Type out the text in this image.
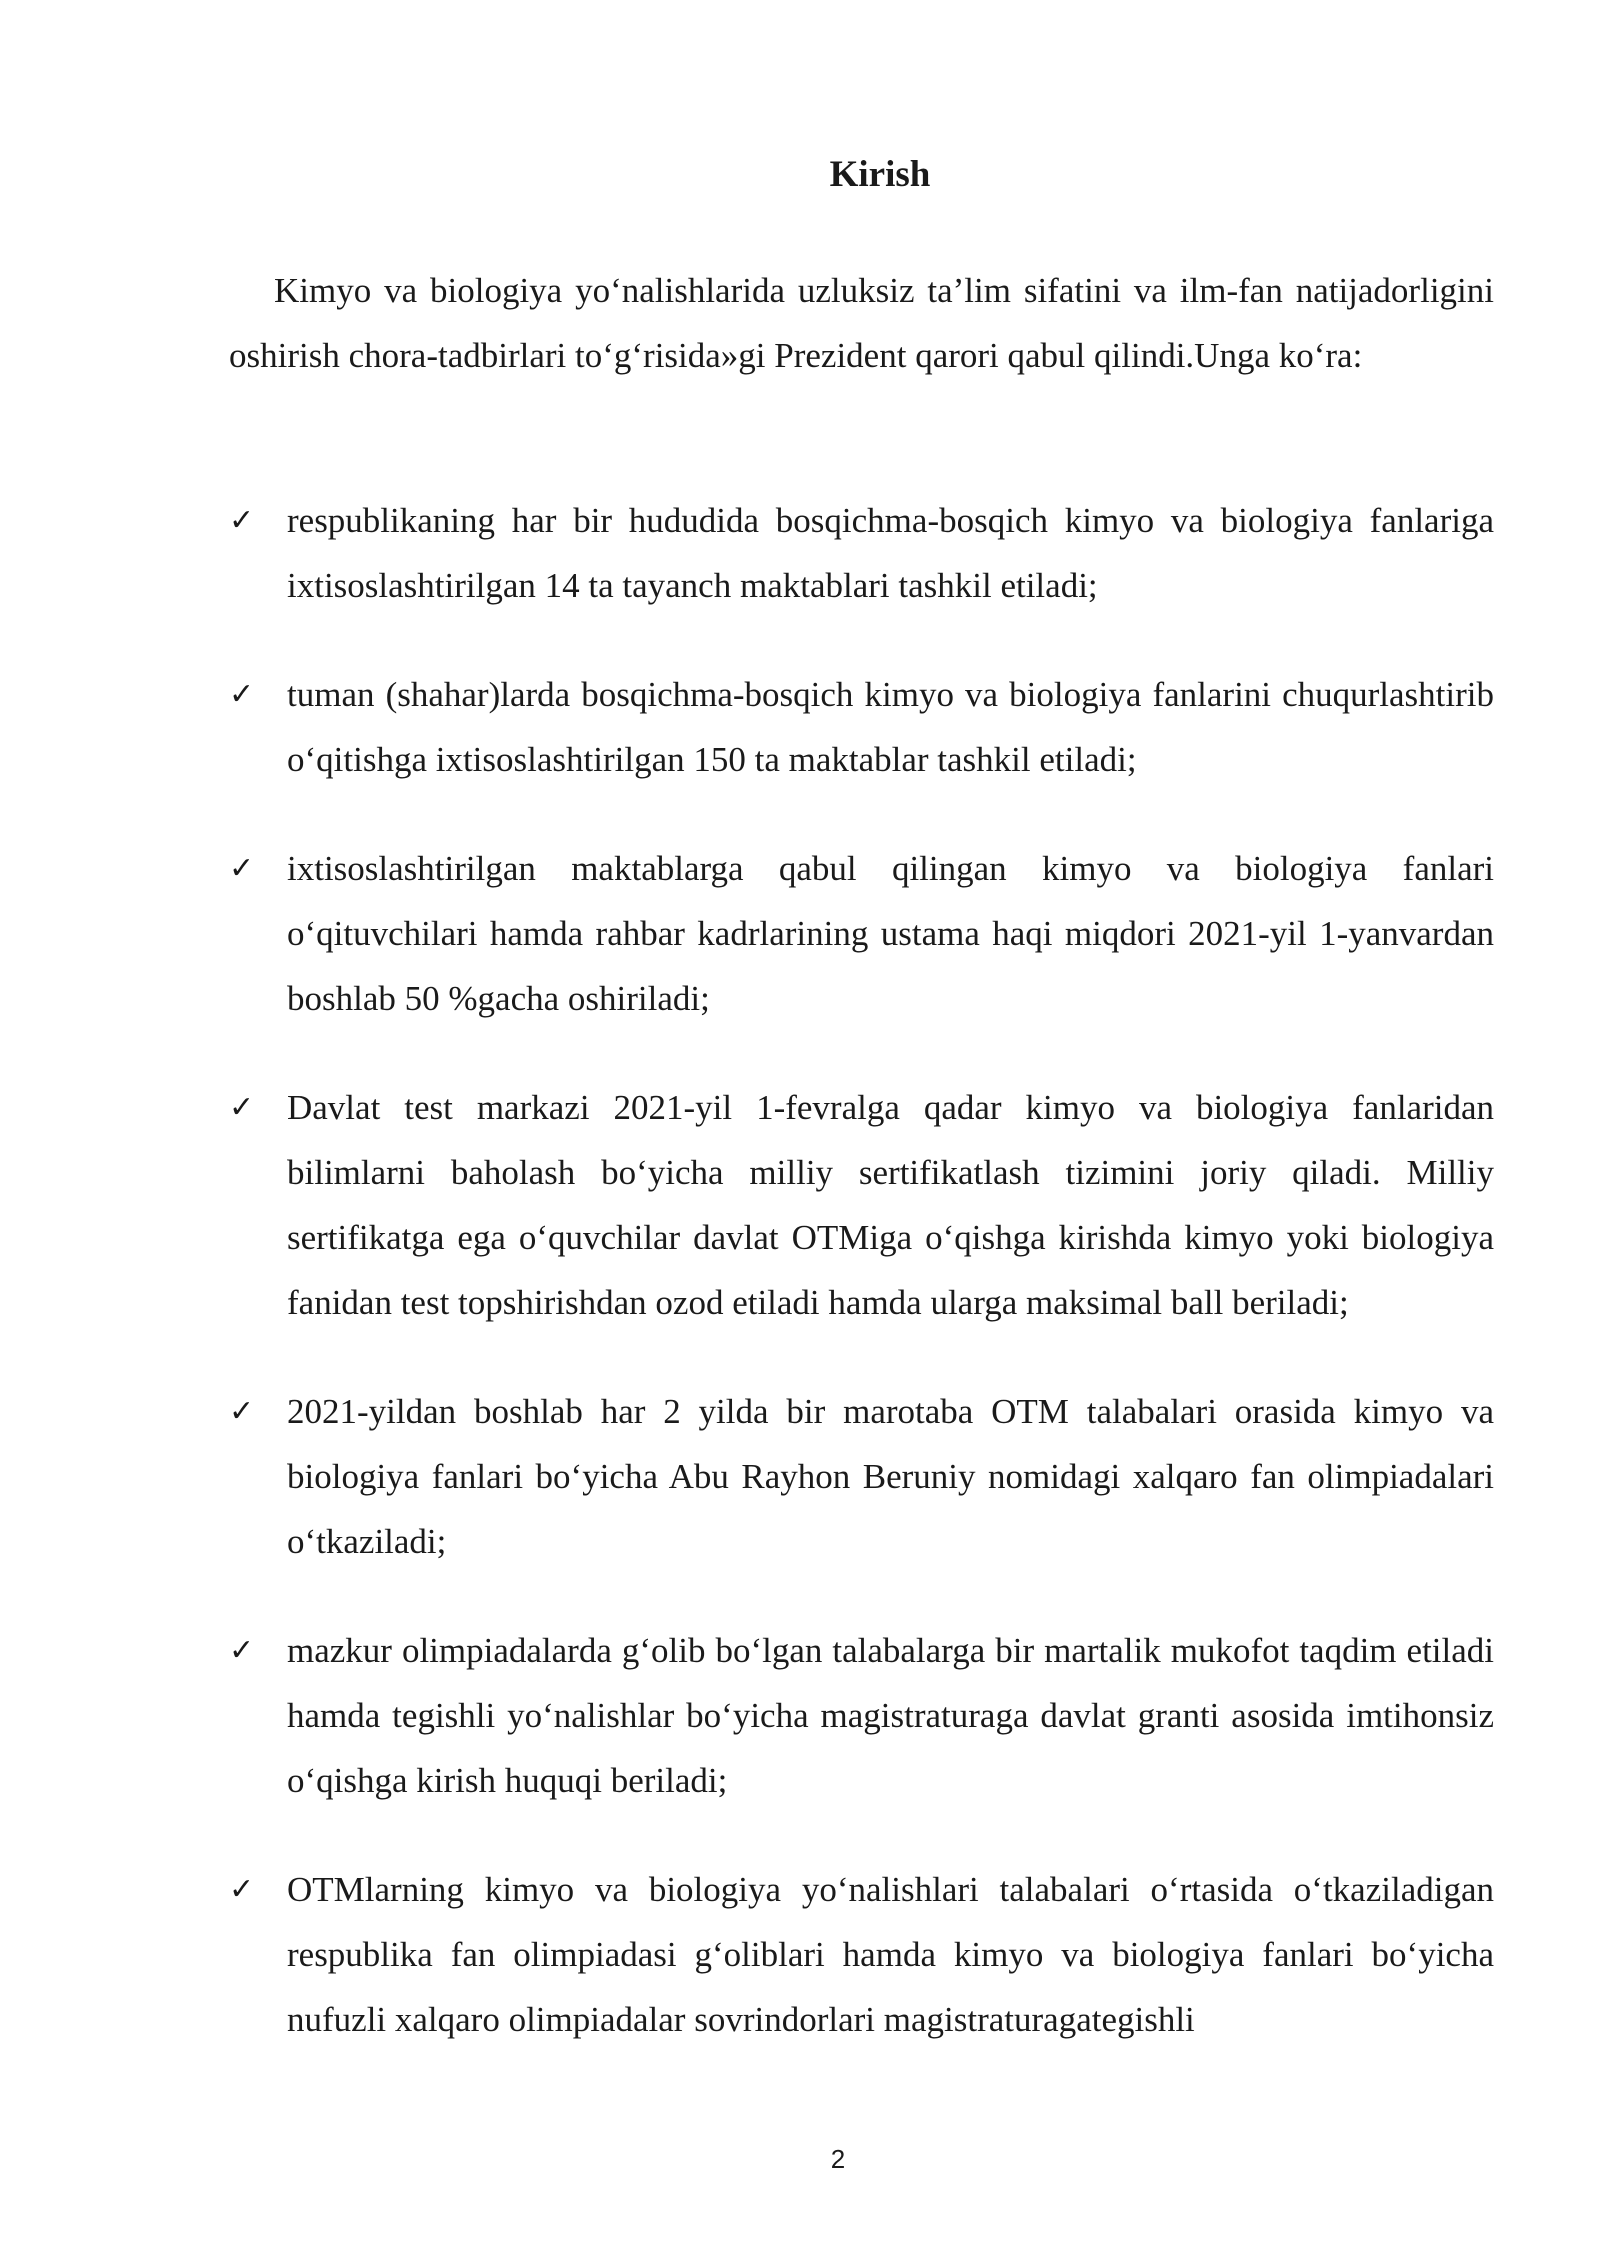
Kirish

Kimyo va biologiya yo‘nalishlarida uzluksiz ta’lim sifatini va ilm-fan natijadorligini oshirish chora-tadbirlari to‘g‘risida»gi Prezident qarori qabul qilindi.Unga ko‘ra:

✓ respublikaning har bir hududida bosqichma-bosqich kimyo va biologiya fanlariga ixtisoslashtirilgan 14 ta tayanch maktablari tashkil etiladi;
✓ tuman (shahar)larda bosqichma-bosqich kimyo va biologiya fanlarini chuqurlashtirib o‘qitishga ixtisoslashtirilgan 150 ta maktablar tashkil etiladi;
✓ ixtisoslashtirilgan maktablarga qabul qilingan kimyo va biologiya fanlari o‘qituvchilari hamda rahbar kadrlarining ustama haqi miqdori 2021-yil 1-yanvardan boshlab 50 %gacha oshiriladi;
✓ Davlat test markazi 2021-yil 1-fevralga qadar kimyo va biologiya fanlaridan bilimlarni baholash bo‘yicha milliy sertifikatlash tizimini joriy qiladi. Milliy sertifikatga ega o‘quvchilar davlat OTMiga o‘qishga kirishda kimyo yoki biologiya fanidan test topshirishdan ozod etiladi hamda ularga maksimal ball beriladi;
✓ 2021-yildan boshlab har 2 yilda bir marotaba OTM talabalari orasida kimyo va biologiya fanlari bo‘yicha Abu Rayhon Beruniy nomidagi xalqaro fan olimpiadalari o‘tkaziladi;
✓ mazkur olimpiadalarda g‘olib bo‘lgan talabalarga bir martalik mukofot taqdim etiladi hamda tegishli yo‘nalishlar bo‘yicha magistraturaga davlat granti asosida imtihonsiz o‘qishga kirish huquqi beriladi;
✓ OTMlarning kimyo va biologiya yo‘nalishlari talabalari o‘rtasida o‘tkaziladigan respublika fan olimpiadasi g‘oliblari hamda kimyo va biologiya fanlari bo‘yicha nufuzli xalqaro olimpiadalar sovrindorlari magistraturagategishli

2
